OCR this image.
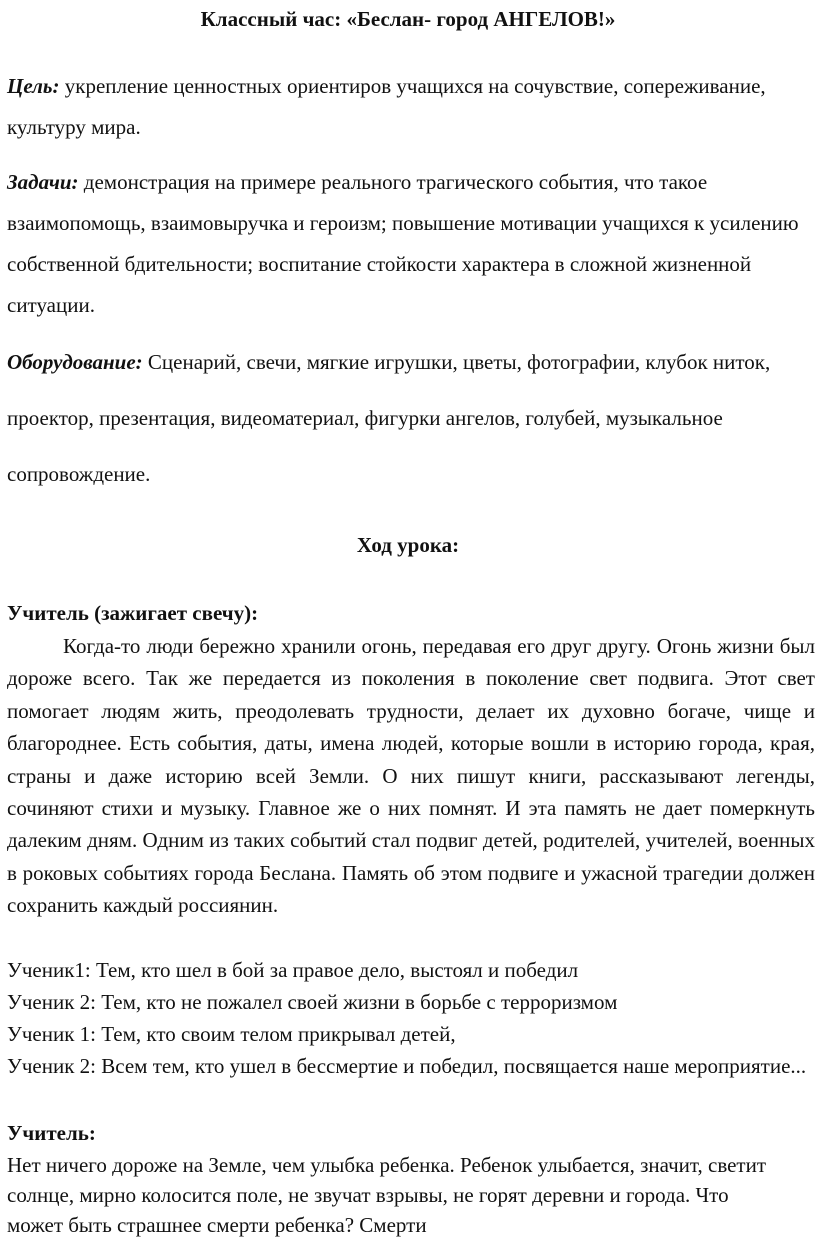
Классный час: «Беслан- город АНГЕЛОВ!»
Цель: укрепление ценностных ориентиров учащихся на сочувствие, сопереживание, культуру мира.
Задачи: демонстрация на примере реального трагического события, что такое взаимопомощь, взаимовыручка и героизм; повышение мотивации учащихся к усилению собственной бдительности; воспитание стойкости характера в сложной жизненной ситуации.
Оборудование: Сценарий, свечи, мягкие игрушки, цветы, фотографии, клубок ниток, проектор, презентация, видеоматериал, фигурки ангелов, голубей, музыкальное сопровождение.
Ход урока:
Учитель (зажигает свечу):
Когда-то люди бережно хранили огонь, передавая его друг другу. Огонь жизни был дороже всего. Так же передается из поколения в поколение свет подвига. Этот свет помогает людям жить, преодолевать трудности, делает их духовно богаче, чище и благороднее. Есть события, даты, имена людей, которые вошли в историю города, края, страны и даже историю всей Земли. О них пишут книги, рассказывают легенды, сочиняют стихи и музыку. Главное же о них помнят. И эта память не дает померкнуть далеким дням. Одним из таких событий стал подвиг детей, родителей, учителей, военных в роковых событиях города Беслана. Память об этом подвиге и ужасной трагедии должен сохранить каждый россиянин.
Ученик1: Тем, кто шел в бой за правое дело, выстоял и победил
Ученик 2: Тем, кто не пожалел своей жизни в борьбе с терроризмом
Ученик 1: Тем, кто своим телом прикрывал детей,
Ученик 2: Всем тем, кто ушел в бессмертие и победил, посвящается наше мероприятие...
Учитель:
Нет ничего дороже на Земле, чем улыбка ребенка. Ребенок улыбается, значит, светит солнце, мирно колосится поле, не звучат взрывы, не горят деревни и города. Что может быть страшнее смерти ребенка? Смерти
